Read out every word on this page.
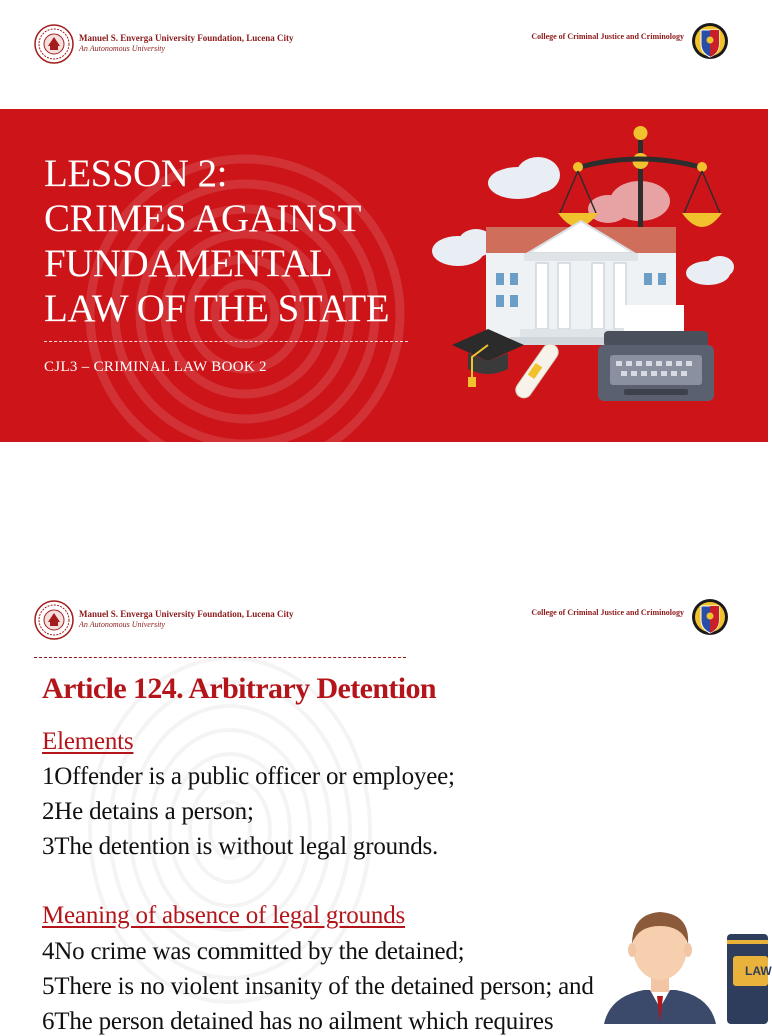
Manuel S. Enverga University Foundation, Lucena City
An Autonomous University
College of Criminal Justice and Criminology
LESSON 2:
CRIMES AGAINST
FUNDAMENTAL
LAW OF THE STATE
CJL3 – CRIMINAL LAW BOOK 2
Manuel S. Enverga University Foundation, Lucena City
An Autonomous University
College of Criminal Justice and Criminology
Article 124. Arbitrary Detention
Elements
1Offender is a public officer or employee;
2He detains a person;
3The detention is without legal grounds.
Meaning of absence of legal grounds
4No crime was committed by the detained;
5There is no violent insanity of the detained person; and
6The person detained has no ailment which requires
LAW
